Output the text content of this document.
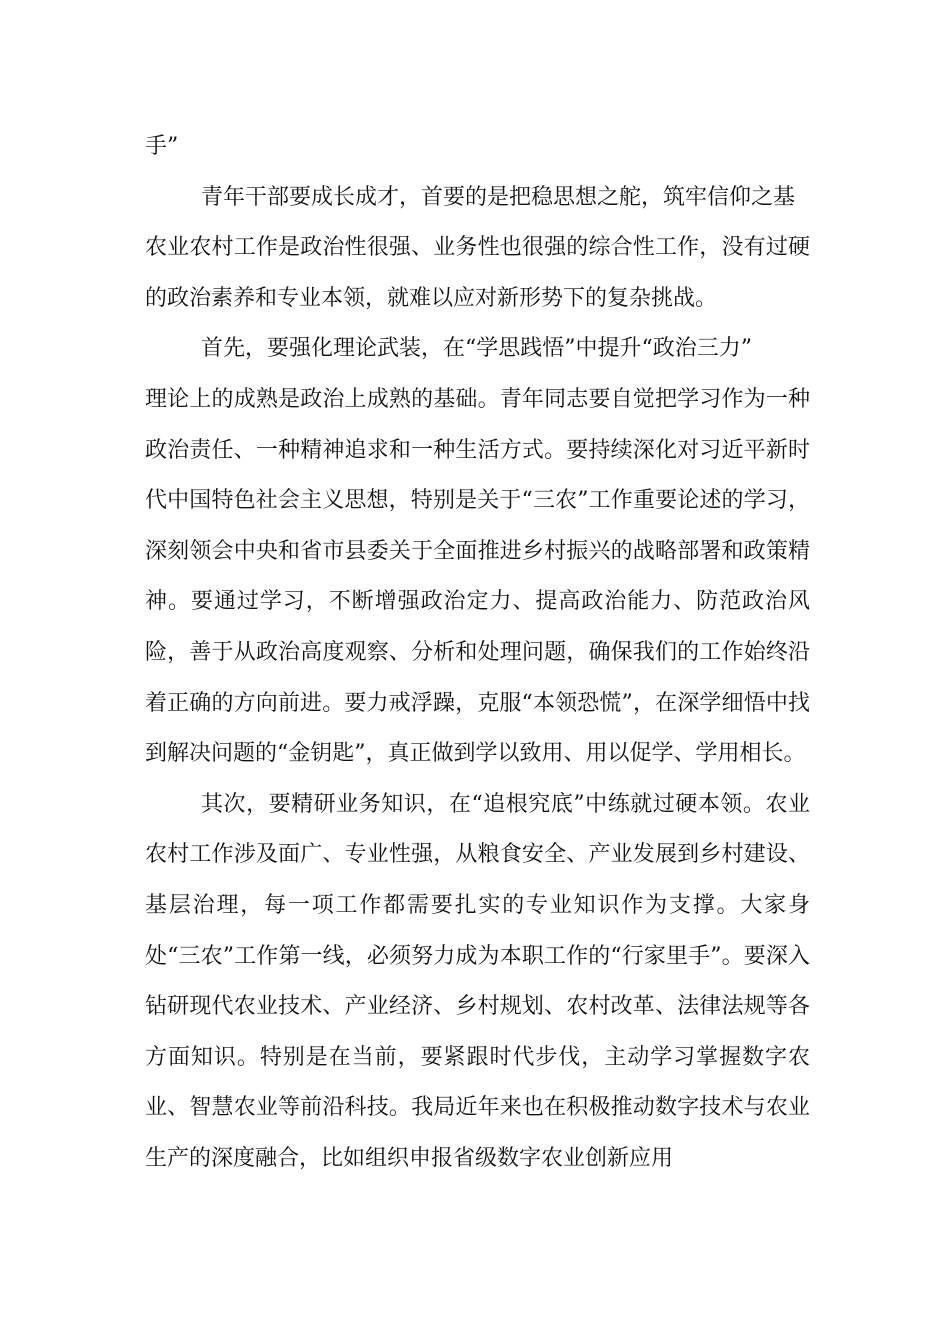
手”

青年干部要成长成才，首要的是把稳思想之舵，筑牢信仰之基

农业农村工作是政治性很强、业务性也很强的综合性工作，没有过硬的政治素养和专业本领，就难以应对新形势下的复杂挑战。

首先，要强化理论武装，在“学思践悟”中提升“政治三力”

理论上的成熟是政治上成熟的基础。青年同志要自觉把学习作为一种政治责任、一种精神追求和一种生活方式。要持续深化对习近平新时代中国特色社会主义思想，特别是关于“三农”工作重要论述的学习，深刻领会中央和省市县委关于全面推进乡村振兴的战略部署和政策精神。要通过学习，不断增强政治定力、提高政治能力、防范政治风险，善于从政治高度观察、分析和处理问题，确保我们的工作始终沿着正确的方向前进。要力戒浮躁，克服“本领恐慌”，在深学细悟中找到解决问题的“金钥匙”，真正做到学以致用、用以促学、学用相长。

其次，要精研业务知识，在“追根究底”中练就过硬本领。农业农村工作涉及面广、专业性强，从粮食安全、产业发展到乡村建设、基层治理，每一项工作都需要扎实的专业知识作为支撑。大家身处“三农”工作第一线，必须努力成为本职工作的“行家里手”。要深入钻研现代农业技术、产业经济、乡村规划、农村改革、法律法规等各方面知识。特别是在当前，要紧跟时代步伐，主动学习掌握数字农业、智慧农业等前沿科技。我局近年来也在积极推动数字技术与农业生产的深度融合，比如组织申报省级数字农业创新应用
